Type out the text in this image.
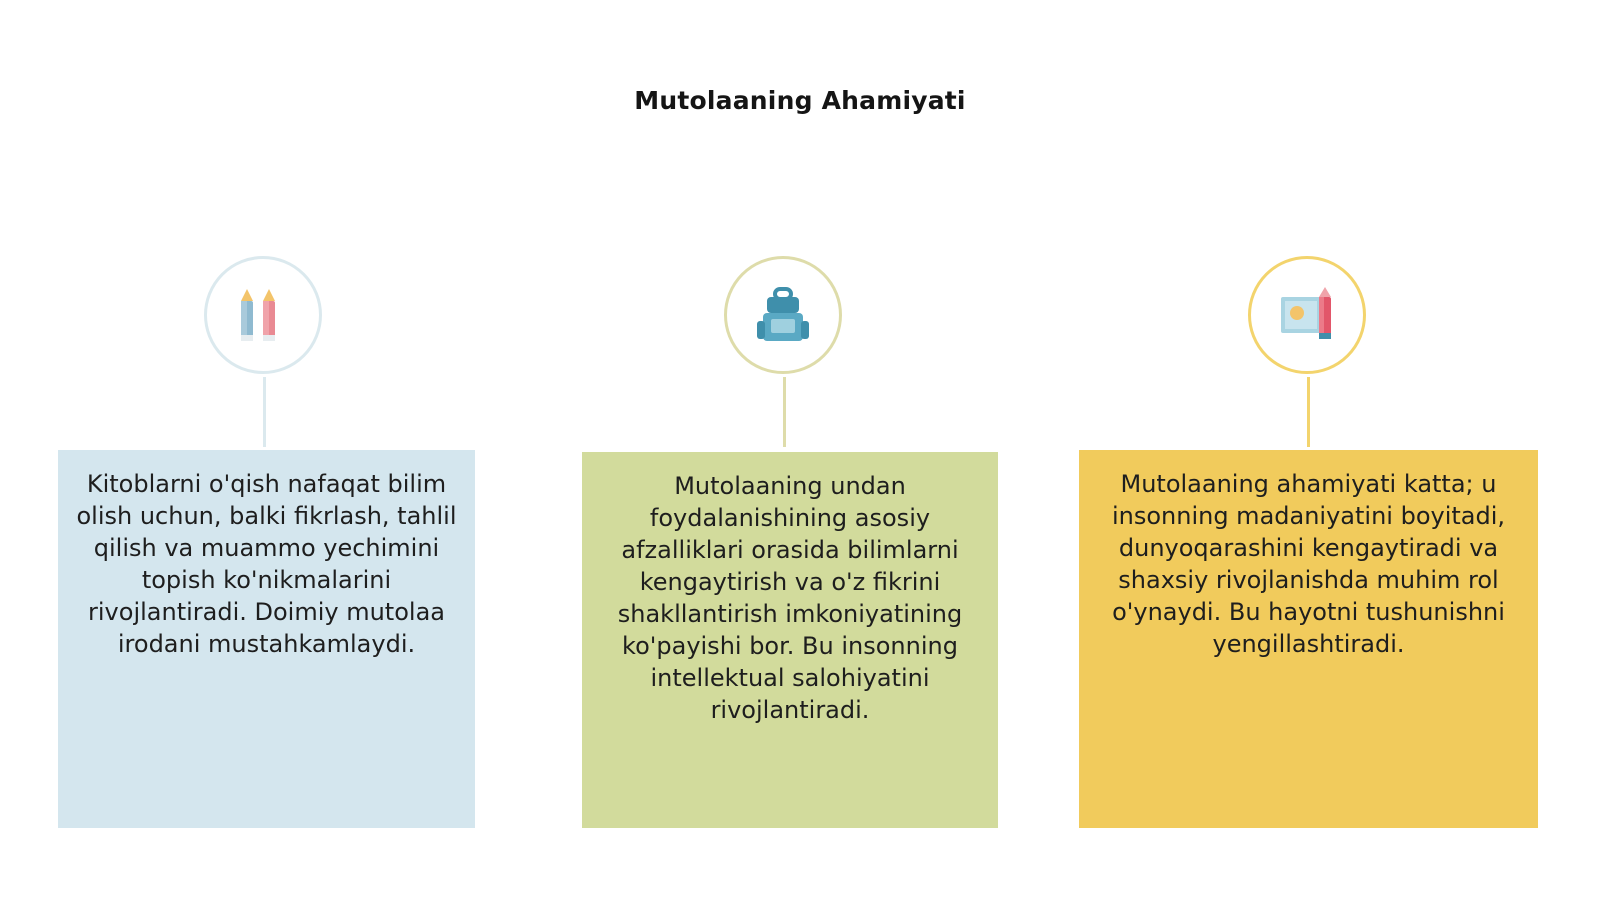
Mutolaaning Ahamiyati
Kitoblarni o'qish nafaqat bilim olish uchun, balki fikrlash, tahlil qilish va muammo yechimini topish ko'nikmalarini rivojlantiradi. Doimiy mutolaa irodani mustahkamlaydi.
Mutolaaning undan foydalanishining asosiy afzalliklari orasida bilimlarni kengaytirish va o'z fikrini shakllantirish imkoniyatining ko'payishi bor. Bu insonning intellektual salohiyatini rivojlantiradi.
Mutolaaning ahamiyati katta; u insonning madaniyatini boyitadi, dunyoqarashini kengaytiradi va shaxsiy rivojlanishda muhim rol o'ynaydi. Bu hayotni tushunishni yengillashtiradi.
